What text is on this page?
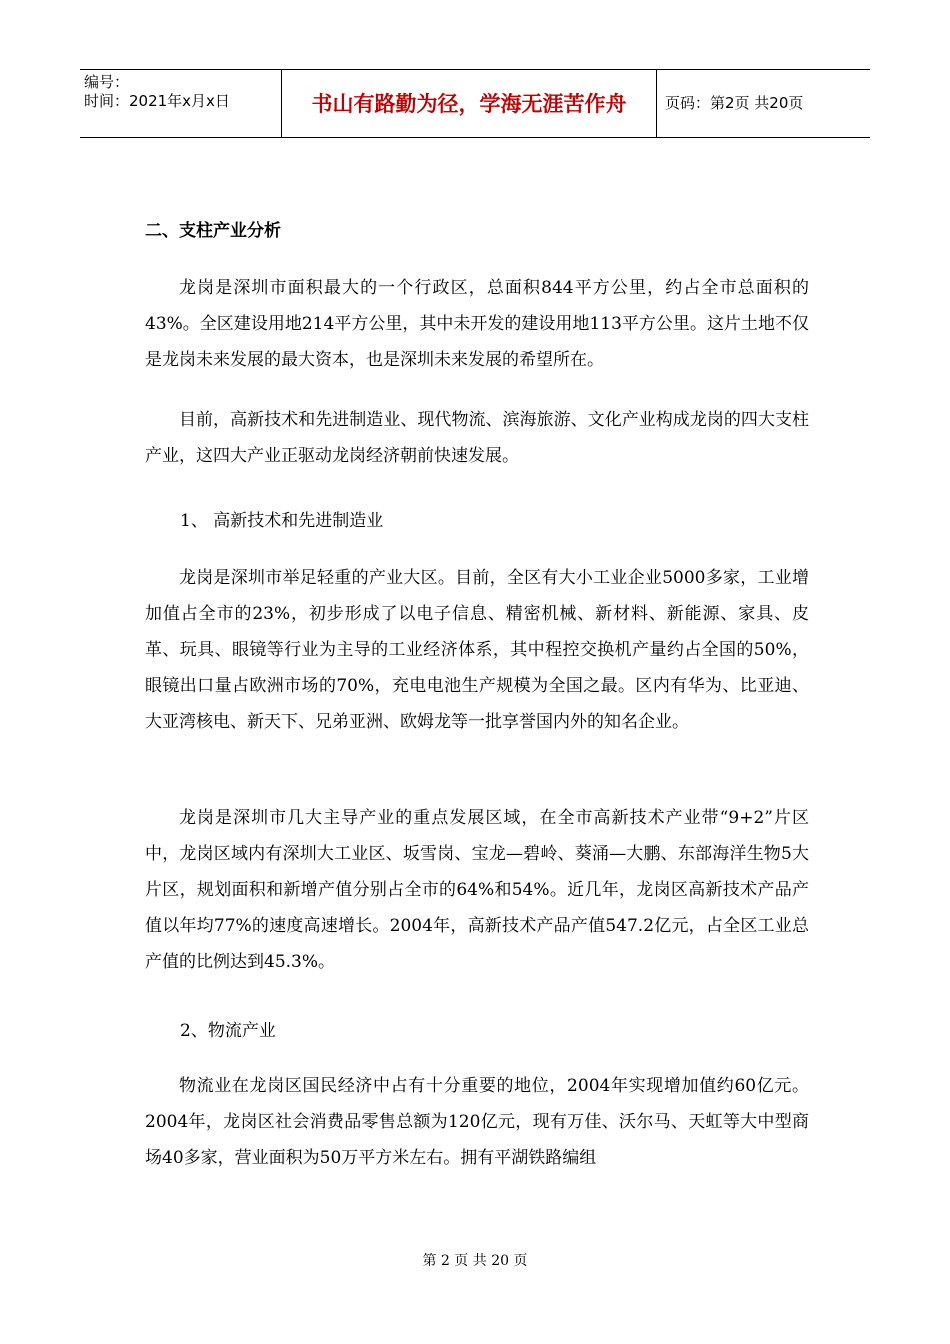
编号：
时间：2021年x月x日	书山有路勤为径，学海无涯苦作舟	页码：第2页 共20页
二、支柱产业分析
龙岗是深圳市面积最大的一个行政区，总面积844平方公里，约占全市总面积的43%。全区建设用地214平方公里，其中未开发的建设用地113平方公里。这片土地不仅是龙岗未来发展的最大资本，也是深圳未来发展的希望所在。
目前，高新技术和先进制造业、现代物流、滨海旅游、文化产业构成龙岗的四大支柱产业，这四大产业正驱动龙岗经济朝前快速发展。
1、 高新技术和先进制造业
龙岗是深圳市举足轻重的产业大区。目前，全区有大小工业企业5000多家，工业增加值占全市的23%，初步形成了以电子信息、精密机械、新材料、新能源、家具、皮革、玩具、眼镜等行业为主导的工业经济体系，其中程控交换机产量约占全国的50%，眼镜出口量占欧洲市场的70%，充电电池生产规模为全国之最。区内有华为、比亚迪、大亚湾核电、新天下、兄弟亚洲、欧姆龙等一批享誉国内外的知名企业。
龙岗是深圳市几大主导产业的重点发展区域，在全市高新技术产业带“9+2”片区中，龙岗区域内有深圳大工业区、坂雪岗、宝龙—碧岭、葵涌—大鹏、东部海洋生物5大片区，规划面积和新增产值分别占全市的64%和54%。近几年，龙岗区高新技术产品产值以年均77%的速度高速增长。2004年，高新技术产品产值547.2亿元，占全区工业总产值的比例达到45.3%。
2、物流产业
物流业在龙岗区国民经济中占有十分重要的地位，2004年实现增加值约60亿元。2004年，龙岗区社会消费品零售总额为120亿元，现有万佳、沃尔马、天虹等大中型商场40多家，营业面积为50万平方米左右。拥有平湖铁路编组
第 2 页 共 20 页
